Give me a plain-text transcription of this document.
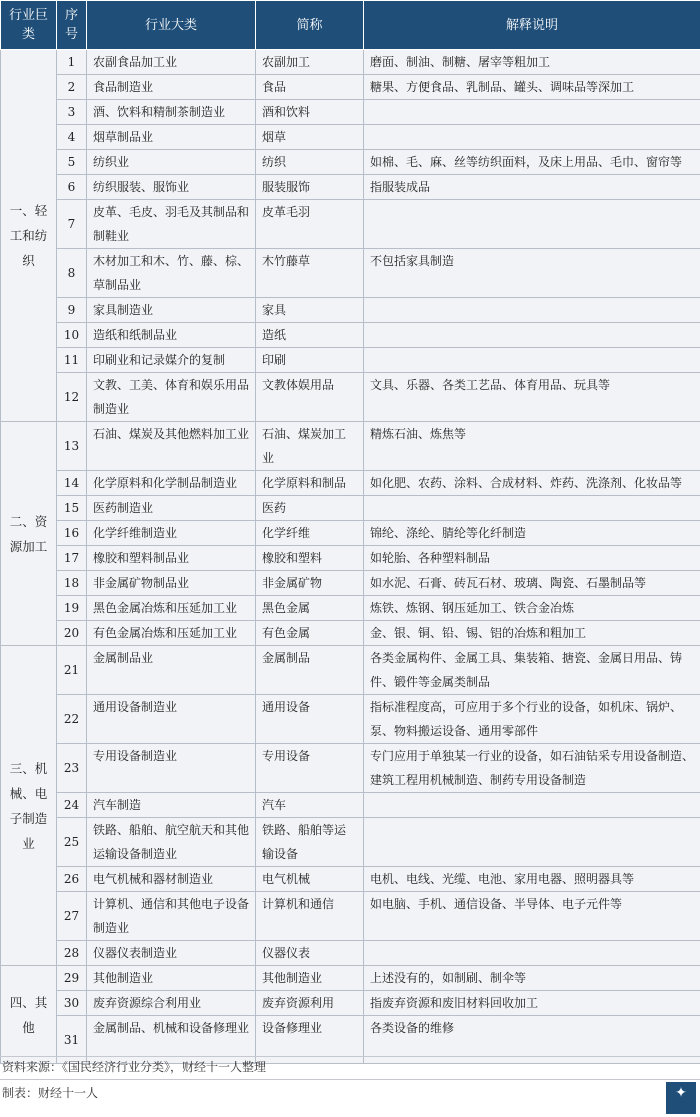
行业巨类	序号	行业大类	简称	解释说明

一、轻工和纺织	1	农副食品加工业	农副加工	磨面、制油、制糖、屠宰等粗加工
	2	食品制造业	食品	糖果、方便食品、乳制品、罐头、调味品等深加工
	3	酒、饮料和精制茶制造业	酒和饮料	
	4	烟草制品业	烟草	
	5	纺织业	纺织	如棉、毛、麻、丝等纺织面料，及床上用品、毛巾、窗帘等
	6	纺织服装、服饰业	服装服饰	指服装成品
	7	皮革、毛皮、羽毛及其制品和制鞋业	皮革毛羽	
	8	木材加工和木、竹、藤、棕、草制品业	木竹藤草	不包括家具制造
	9	家具制造业	家具	
	10	造纸和纸制品业	造纸	
	11	印刷业和记录媒介的复制	印刷	
	12	文教、工美、体育和娱乐用品制造业	文教体娱用品	文具、乐器、各类工艺品、体育用品、玩具等

二、资源加工	13	石油、煤炭及其他燃料加工业	石油、煤炭加工业	精炼石油、炼焦等
	14	化学原料和化学制品制造业	化学原料和制品	如化肥、农药、涂料、合成材料、炸药、洗涤剂、化妆品等
	15	医药制造业	医药	
	16	化学纤维制造业	化学纤维	锦纶、涤纶、腈纶等化纤制造
	17	橡胶和塑料制品业	橡胶和塑料	如轮胎、各种塑料制品
	18	非金属矿物制品业	非金属矿物	如水泥、石膏、砖瓦石材、玻璃、陶瓷、石墨制品等
	19	黑色金属冶炼和压延加工业	黑色金属	炼铁、炼钢、钢压延加工、铁合金冶炼
	20	有色金属冶炼和压延加工业	有色金属	金、银、铜、铅、锡、铝的冶炼和粗加工

三、机械、电子制造业	21	金属制品业	金属制品	各类金属构件、金属工具、集装箱、搪瓷、金属日用品、铸件、锻件等金属类制品
	22	通用设备制造业	通用设备	指标准程度高，可应用于多个行业的设备，如机床、锅炉、泵、物料搬运设备、通用零部件
	23	专用设备制造业	专用设备	专门应用于单独某一行业的设备，如石油钻采专用设备制造、建筑工程用机械制造、制药专用设备制造
	24	汽车制造	汽车	
	25	铁路、船舶、航空航天和其他运输设备制造业	铁路、船舶等运输设备	
	26	电气机械和器材制造业	电气机械	电机、电线、光缆、电池、家用电器、照明器具等
	27	计算机、通信和其他电子设备制造业	计算机和通信	如电脑、手机、通信设备、半导体、电子元件等
	28	仪器仪表制造业	仪器仪表	

四、其他	29	其他制造业	其他制造业	上述没有的，如制刷、制伞等
	30	废弃资源综合利用业	废弃资源利用	指废弃资源和废旧材料回收加工
	31	金属制品、机械和设备修理业	设备修理业	各类设备的维修
资料来源：《国民经济行业分类》，财经十一人整理
制表：财经十一人	✦
